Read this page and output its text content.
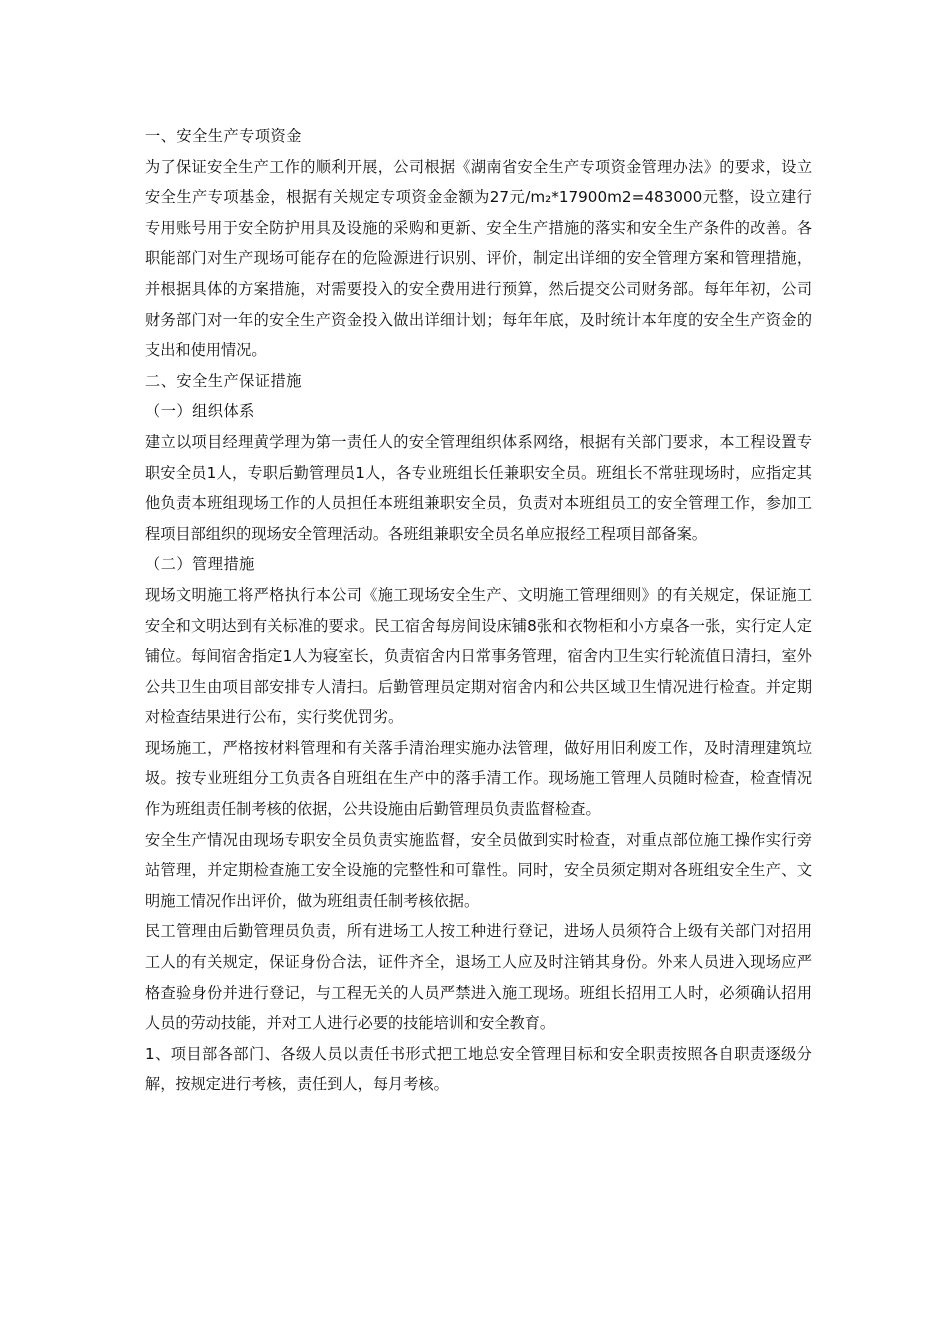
一、安全生产专项资金

为了保证安全生产工作的顺利开展，公司根据《湖南省安全生产专项资金管理办法》的要求，设立安全生产专项基金，根据有关规定专项资金金额为27元/m₂*17900m2=483000元整，设立建行专用账号用于安全防护用具及设施的采购和更新、安全生产措施的落实和安全生产条件的改善。各职能部门对生产现场可能存在的危险源进行识别、评价，制定出详细的安全管理方案和管理措施，并根据具体的方案措施，对需要投入的安全费用进行预算，然后提交公司财务部。每年年初，公司财务部门对一年的安全生产资金投入做出详细计划；每年年底，及时统计本年度的安全生产资金的支出和使用情况。

二、安全生产保证措施

（一）组织体系

建立以项目经理黄学理为第一责任人的安全管理组织体系网络，根据有关部门要求，本工程设置专职安全员1人，专职后勤管理员1人，各专业班组长任兼职安全员。班组长不常驻现场时，应指定其他负责本班组现场工作的人员担任本班组兼职安全员，负责对本班组员工的安全管理工作，参加工程项目部组织的现场安全管理活动。各班组兼职安全员名单应报经工程项目部备案。

（二）管理措施

现场文明施工将严格执行本公司《施工现场安全生产、文明施工管理细则》的有关规定，保证施工安全和文明达到有关标准的要求。民工宿舍每房间设床铺8张和衣物柜和小方桌各一张，实行定人定铺位。每间宿舍指定1人为寝室长，负责宿舍内日常事务管理，宿舍内卫生实行轮流值日清扫，室外公共卫生由项目部安排专人清扫。后勤管理员定期对宿舍内和公共区域卫生情况进行检查。并定期对检查结果进行公布，实行奖优罚劣。

现场施工，严格按材料管理和有关落手清治理实施办法管理，做好用旧利废工作，及时清理建筑垃圾。按专业班组分工负责各自班组在生产中的落手清工作。现场施工管理人员随时检查，检查情况作为班组责任制考核的依据，公共设施由后勤管理员负责监督检查。

安全生产情况由现场专职安全员负责实施监督，安全员做到实时检查，对重点部位施工操作实行旁站管理，并定期检查施工安全设施的完整性和可靠性。同时，安全员须定期对各班组安全生产、文明施工情况作出评价，做为班组责任制考核依据。

民工管理由后勤管理员负责，所有进场工人按工种进行登记，进场人员须符合上级有关部门对招用工人的有关规定，保证身份合法，证件齐全，退场工人应及时注销其身份。外来人员进入现场应严格查验身份并进行登记，与工程无关的人员严禁进入施工现场。班组长招用工人时，必须确认招用人员的劳动技能，并对工人进行必要的技能培训和安全教育。

1、项目部各部门、各级人员以责任书形式把工地总安全管理目标和安全职责按照各自职责逐级分解，按规定进行考核，责任到人，每月考核。
